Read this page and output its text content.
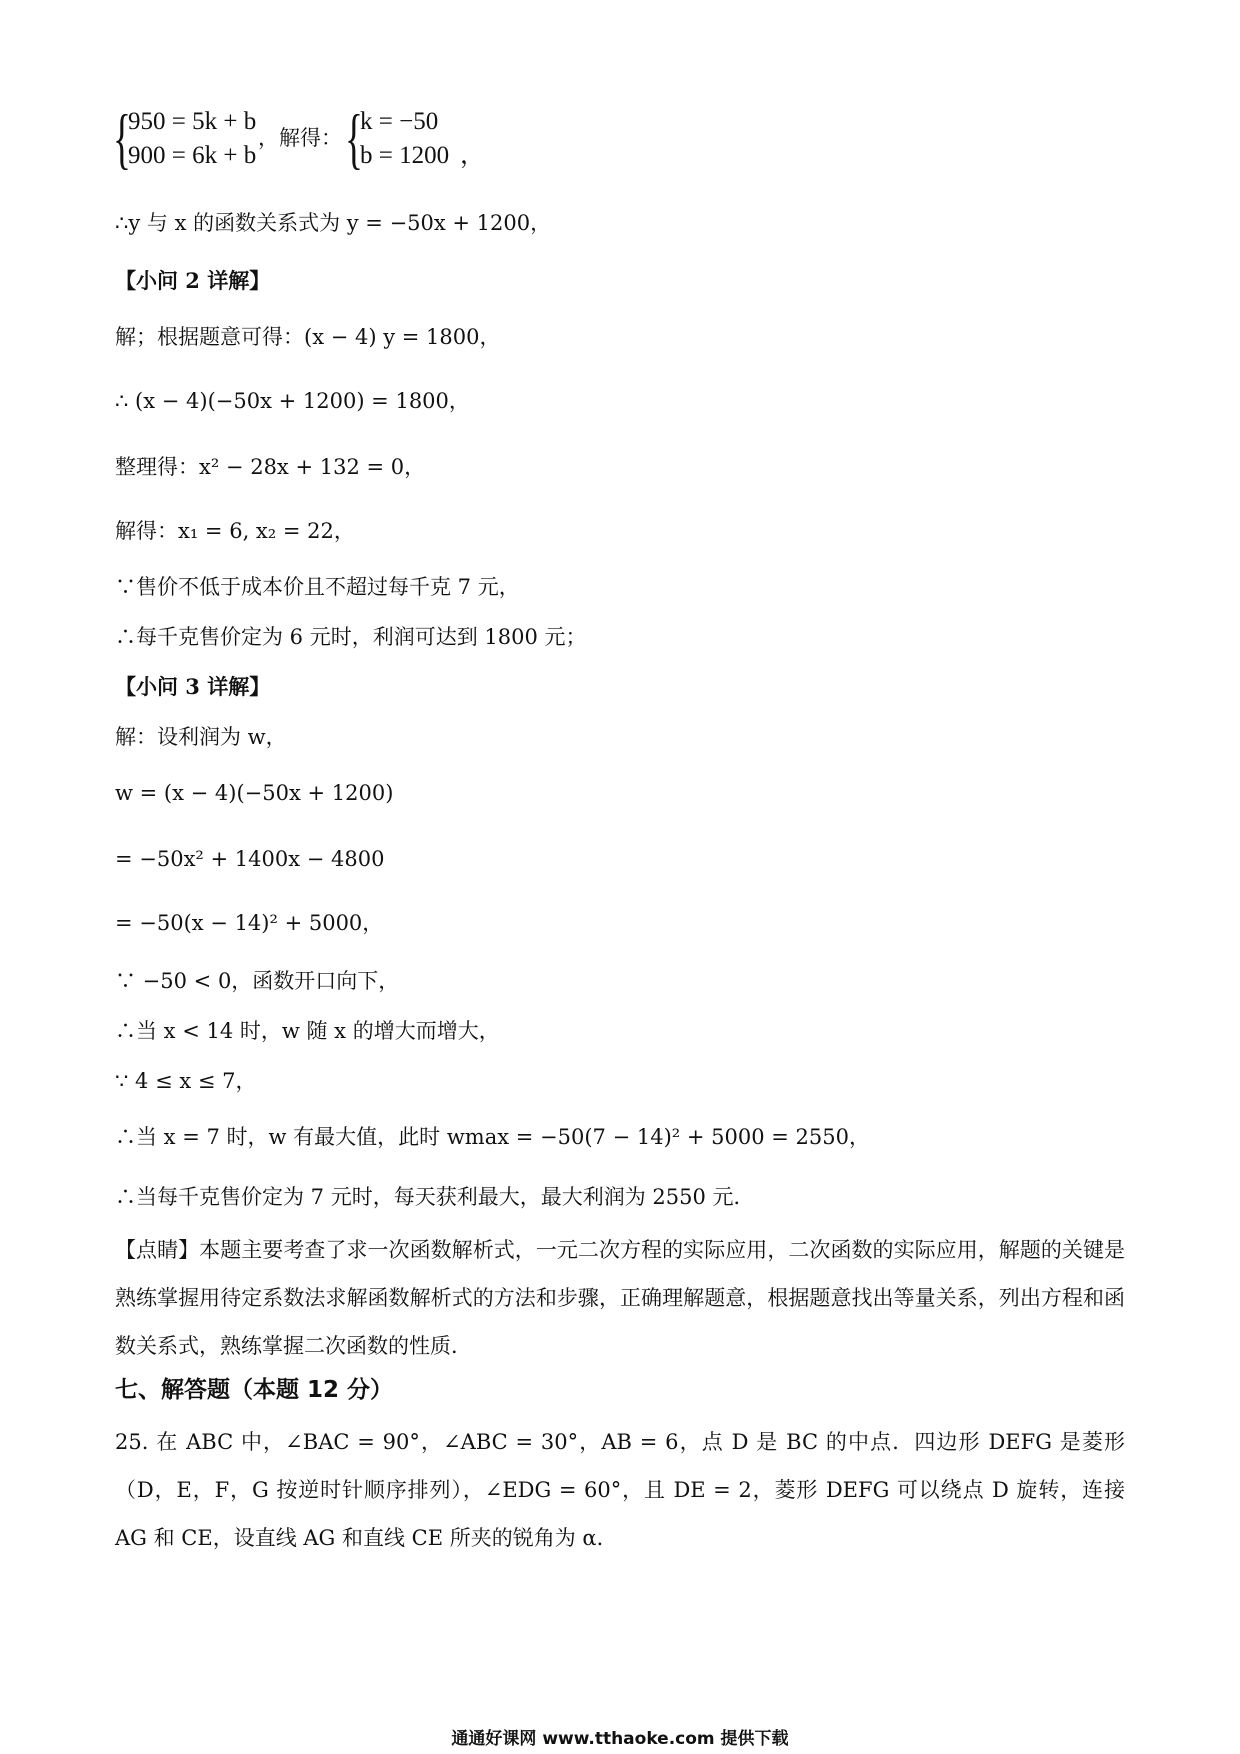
{
950 = 5k + b
900 = 6k + b
，解得： {
k = −50
b = 1200 ，
∴y 与 x 的函数关系式为 y = −50x + 1200，
【小问 2 详解】
解；根据题意可得：(x − 4) y = 1800，
∴ (x − 4)(−50x + 1200) = 1800，
整理得：x² − 28x + 132 = 0，
解得：x₁ = 6, x₂ = 22，
∵售价不低于成本价且不超过每千克 7 元，
∴每千克售价定为 6 元时，利润可达到 1800 元；
【小问 3 详解】
解：设利润为 w，
w = (x − 4)(−50x + 1200)
= −50x² + 1400x − 4800
= −50(x − 14)² + 5000，
∵ −50 < 0，函数开口向下，
∴当 x < 14 时，w 随 x 的增大而增大，
∵ 4 ≤ x ≤ 7，
∴当 x = 7 时，w 有最大值，此时 wmax = −50(7 − 14)² + 5000 = 2550，
∴当每千克售价定为 7 元时，每天获利最大，最大利润为 2550 元．
【点睛】本题主要考查了求一次函数解析式，一元二次方程的实际应用，二次函数的实际应用，解题的关键是熟练掌握用待定系数法求解函数解析式的方法和步骤，正确理解题意，根据题意找出等量关系，列出方程和函数关系式，熟练掌握二次函数的性质．
七、解答题（本题 12 分）
25. 在 ABC 中，∠BAC = 90°，∠ABC = 30°，AB = 6，点 D 是 BC 的中点．四边形 DEFG 是菱形（D，E，F，G 按逆时针顺序排列），∠EDG = 60°，且 DE = 2，菱形 DEFG 可以绕点 D 旋转，连接 AG 和 CE，设直线 AG 和直线 CE 所夹的锐角为 α．
通通好课网 www.tthaoke.com 提供下载
